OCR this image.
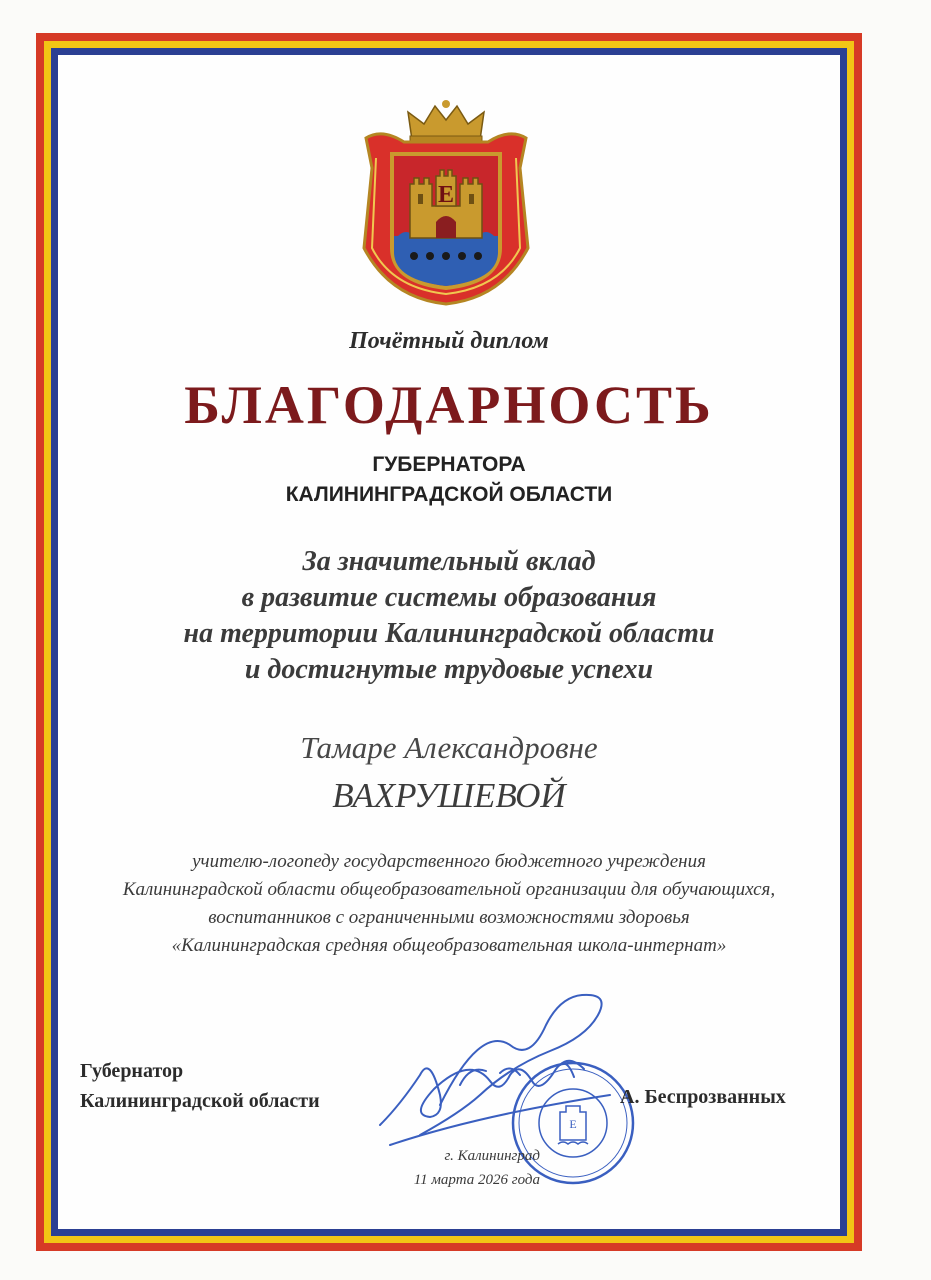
Е
Почётный диплом
БЛАГОДАРНОСТЬ
ГУБЕРНАТОРА
КАЛИНИНГРАДСКОЙ ОБЛАСТИ
За значительный вклад
в развитие системы образования
на территории Калининградской области
и достигнутые трудовые успехи
Тамаре Александровне
ВАХРУШЕВОЙ
учителю-логопеду государственного бюджетного учреждения
Калининградской области общеобразовательной организации для обучающихся,
воспитанников с ограниченными возможностями здоровья
«Калининградская средняя общеобразовательная школа-интернат»
Е
Губернатор
Калининградской области	А. Беспрозванных
г. Калининград
11 марта 2026 года
